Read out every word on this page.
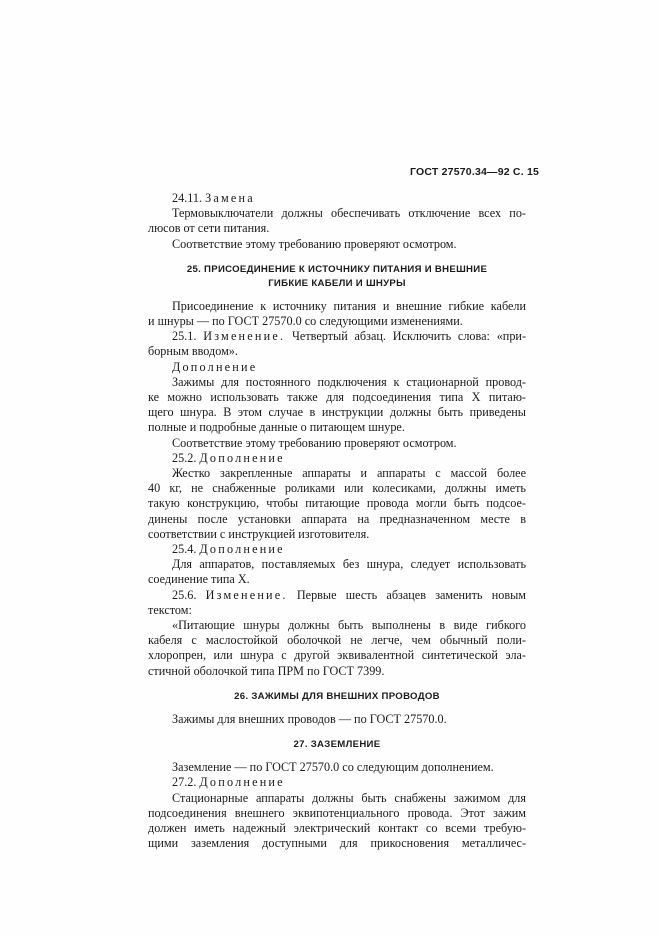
ГОСТ 27570.34—92 С. 15
24.11. Замена
Термовыключатели должны обеспечивать отключение всех по-
люсов от сети питания.
Соответствие этому требованию проверяют осмотром.
25. ПРИСОЕДИНЕНИЕ К ИСТОЧНИКУ ПИТАНИЯ И ВНЕШНИЕ
ГИБКИЕ КАБЕЛИ И ШНУРЫ
Присоединение к источнику питания и внешние гибкие кабели
и шнуры — по ГОСТ 27570.0 со следующими изменениями.
25.1. Изменение. Четвертый абзац. Исключить слова: «при-
борным вводом».
Дополнение
Зажимы для постоянного подключения к стационарной провод-
ке можно использовать также для подсоединения типа X питаю-
щего шнура. В этом случае в инструкции должны быть приведены
полные и подробные данные о питающем шнуре.
Соответствие этому требованию проверяют осмотром.
25.2. Дополнение
Жестко закрепленные аппараты и аппараты с массой более
40 кг, не снабженные роликами или колесиками, должны иметь
такую конструкцию, чтобы питающие провода могли быть подсое-
динены после установки аппарата на предназначенном месте в
соответствии с инструкцией изготовителя.
25.4. Дополнение
Для аппаратов, поставляемых без шнура, следует использовать
соединение типа X.
25.6. Изменение. Первые шесть абзацев заменить новым
текстом:
«Питающие шнуры должны быть выполнены в виде гибкого
кабеля с маслостойкой оболочкой не легче, чем обычный поли-
хлоропрен, или шнура с другой эквивалентной синтетической эла-
стичной оболочкой типа ПРМ по ГОСТ 7399.
26. ЗАЖИМЫ ДЛЯ ВНЕШНИХ ПРОВОДОВ
Зажимы для внешних проводов — по ГОСТ 27570.0.
27. ЗАЗЕМЛЕНИЕ
Заземление — по ГОСТ 27570.0 со следующим дополнением.
27.2. Дополнение
Стационарные аппараты должны быть снабжены зажимом для
подсоединения внешнего эквипотенциального провода. Этот зажим
должен иметь надежный электрический контакт со всеми требую-
щими заземления доступными для прикосновения металличес-
